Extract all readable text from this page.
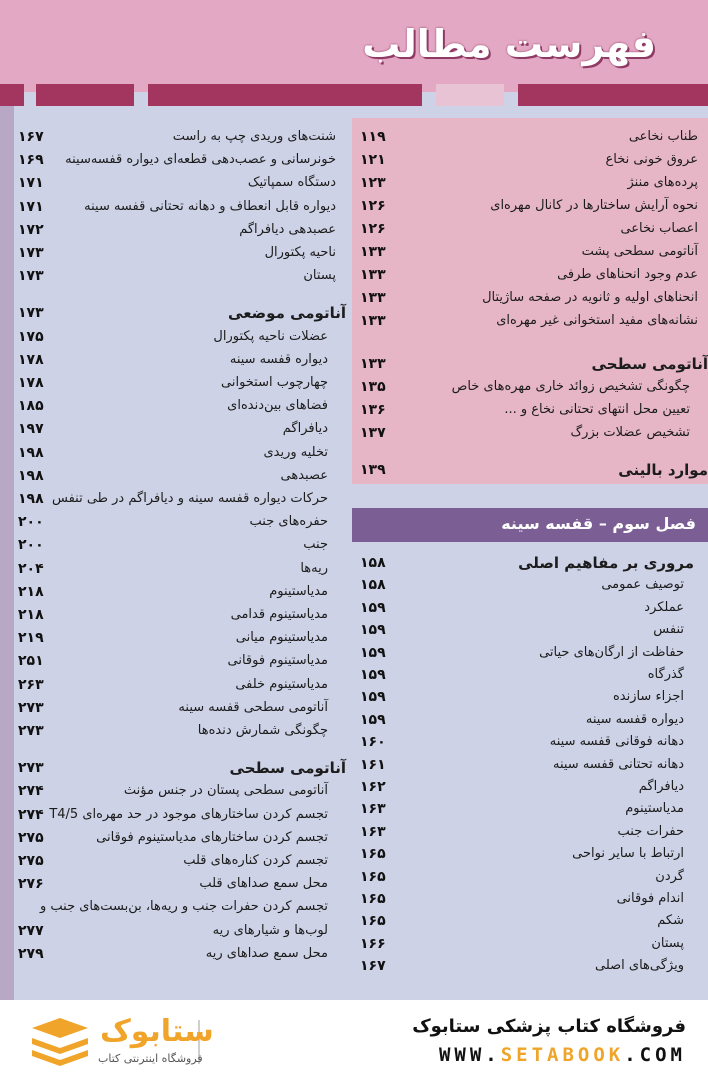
فهرست مطالب
طناب نخاعی
۱۱۹
عروق خونی نخاع
۱۲۱
پرده‌های مننژ
۱۲۳
نحوه آرایش ساختارها در کانال مهره‌ای
۱۲۶
اعصاب نخاعی
۱۲۶
آناتومی سطحی پشت
۱۳۳
عدم وجود انحناهای طرفی
۱۳۳
انحناهای اولیه و ثانویه در صفحه ساژیتال
۱۳۳
نشانه‌های مفید استخوانی غیر مهره‌ای
۱۳۳
آناتومی سطحی
۱۳۳
چگونگی تشخیص زوائد خاری مهره‌های خاص
۱۳۵
تعیین محل انتهای تحتانی نخاع و ...
۱۳۶
تشخیص عضلات بزرگ
۱۳۷
موارد بالینی
۱۳۹
فصل سوم – قفسه سینه
مروری بر مفاهیم اصلی
۱۵۸
توصیف عمومی
۱۵۸
عملکرد
۱۵۹
تنفس
۱۵۹
حفاظت از ارگان‌های حیاتی
۱۵۹
گذرگاه
۱۵۹
اجزاء سازنده
۱۵۹
دیواره قفسه سینه
۱۵۹
دهانه فوقانی قفسه سینه
۱۶۰
دهانه تحتانی قفسه سینه
۱۶۱
دیافراگم
۱۶۲
مدیاستینوم
۱۶۳
حفرات جنب
۱۶۳
ارتباط با سایر نواحی
۱۶۵
گردن
۱۶۵
اندام فوقانی
۱۶۵
شکم
۱۶۵
پستان
۱۶۶
ویژگی‌های اصلی
۱۶۷
شنت‌های وریدی چپ به راست
۱۶۷
خونرسانی و عصب‌دهی قطعه‌ای دیواره قفسه‌سینه
۱۶۹
دستگاه سمپاتیک
۱۷۱
دیواره قابل انعطاف و دهانه تحتانی قفسه سینه
۱۷۱
عصبدهی دیافراگم
۱۷۲
ناحیه پکتورال
۱۷۳
پستان
۱۷۳
آناتومی موضعی
۱۷۳
عضلات ناحیه پکتورال
۱۷۵
دیواره قفسه سینه
۱۷۸
چهارچوب استخوانی
۱۷۸
فضاهای بین‌دنده‌ای
۱۸۵
دیافراگم
۱۹۷
تخلیه وریدی
۱۹۸
عصبدهی
۱۹۸
حرکات دیواره قفسه سینه و دیافراگم در طی تنفس
۱۹۸
حفره‌های جنب
۲۰۰
جنب
۲۰۰
ریه‌ها
۲۰۴
مدیاستینوم
۲۱۸
مدیاستینوم قدامی
۲۱۸
مدیاستینوم میانی
۲۱۹
مدیاستینوم فوقانی
۲۵۱
مدیاستینوم خلفی
۲۶۳
آناتومی سطحی قفسه سینه
۲۷۳
چگونگی شمارش دنده‌ها
۲۷۳
آناتومی سطحی
۲۷۳
آناتومی سطحی پستان در جنس مؤنث
۲۷۴
تجسم کردن ساختارهای موجود در حد مهره‌ای T4/5
۲۷۴
تجسم کردن ساختارهای مدیاستینوم فوقانی
۲۷۵
تجسم کردن کناره‌های قلب
۲۷۵
محل سمع صداهای قلب
۲۷۶
تجسم کردن حفرات جنب و ریه‌ها، بن‌بست‌های جنب و
لوب‌ها و شیارهای ریه
۲۷۷
محل سمع صداهای ریه
۲۷۹
ستابوک
فروشگاه اینترنتی کتاب
فروشگاه کتاب پزشکی ستابوک
WWW.SETABOOK.COM
